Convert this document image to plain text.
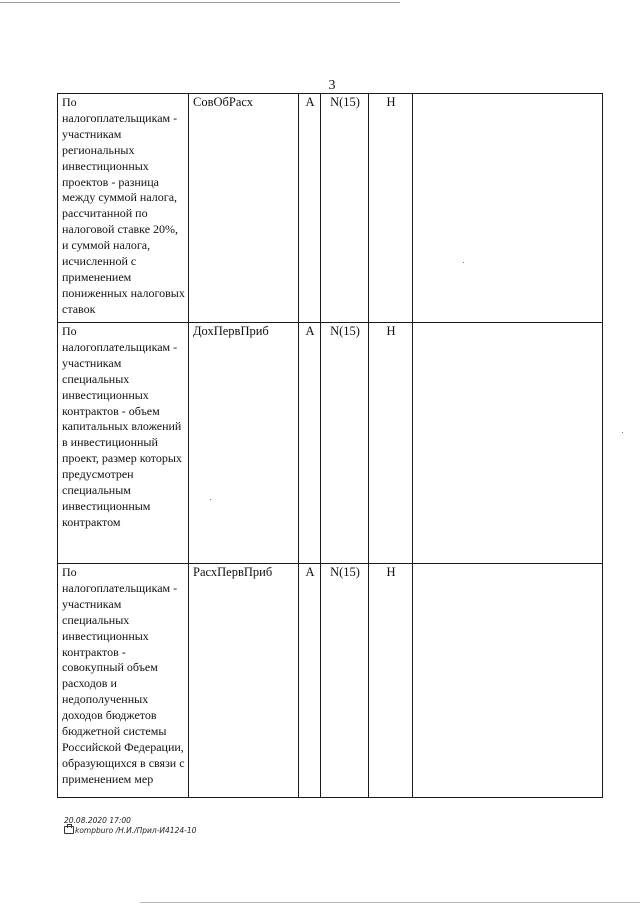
3
По налогоплательщикам - участникам региональных инвестиционных проектов - разница между суммой налога, рассчитанной по налоговой ставке 20%, и суммой налога, исчисленной с применением пониженных налоговых ставок	СовОбРасх	А	N(15)	Н	
По налогоплательщикам - участникам специальных инвестиционных контрактов - объем капитальных вложений в инвестиционный проект, размер которых предусмотрен специальным инвестиционным контрактом	ДохПервПриб	А	N(15)	Н	
По налогоплательщикам - участникам специальных инвестиционных контрактов - совокупный объем расходов и недополученных доходов бюджетов бюджетной системы Российской Федерации, образующихся в связи с применением мер	РасхПервПриб	А	N(15)	Н	
20.08.2020 17:00
kompburo /Н.И./Прил-И4124-10
